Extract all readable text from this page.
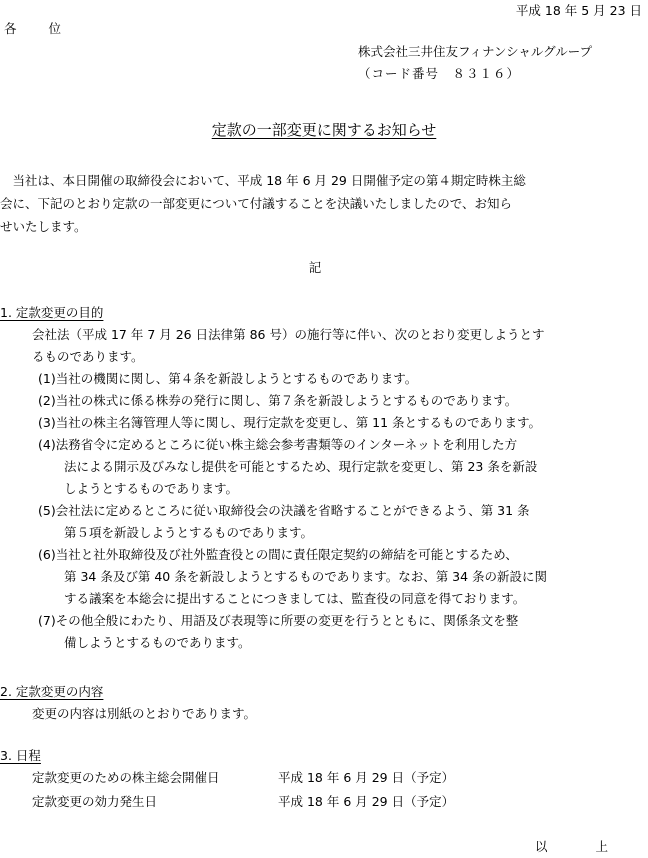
平成 18 年 5 月 23 日
各 位
株式会社三井住友フィナンシャルグループ
（コード番号　８３１６）
定款の一部変更に関するお知らせ
　当社は、本日開催の取締役会において、平成 18 年 6 月 29 日開催予定の第４期定時株主総
会に、下記のとおり定款の一部変更について付議することを決議いたしましたので、お知ら
せいたします。
記
1. 定款変更の目的
会社法（平成 17 年 7 月 26 日法律第 86 号）の施行等に伴い、次のとおり変更しようとす
るものであります。
(1)当社の機関に関し、第４条を新設しようとするものであります。
(2)当社の株式に係る株券の発行に関し、第７条を新設しようとするものであります。
(3)当社の株主名簿管理人等に関し、現行定款を変更し、第 11 条とするものであります。
(4)法務省令に定めるところに従い株主総会参考書類等のインターネットを利用した方
法による開示及びみなし提供を可能とするため、現行定款を変更し、第 23 条を新設
しようとするものであります。
(5)会社法に定めるところに従い取締役会の決議を省略することができるよう、第 31 条
第５項を新設しようとするものであります。
(6)当社と社外取締役及び社外監査役との間に責任限定契約の締結を可能とするため、
第 34 条及び第 40 条を新設しようとするものであります。なお、第 34 条の新設に関
する議案を本総会に提出することにつきましては、監査役の同意を得ております。
(7)その他全般にわたり、用語及び表現等に所要の変更を行うとともに、関係条文を整
備しようとするものであります。
2. 定款変更の内容
変更の内容は別紙のとおりであります。
3. 日程
定款変更のための株主総会開催日	平成 18 年 6 月 29 日（予定）
定款変更の効力発生日	平成 18 年 6 月 29 日（予定）
以 上
